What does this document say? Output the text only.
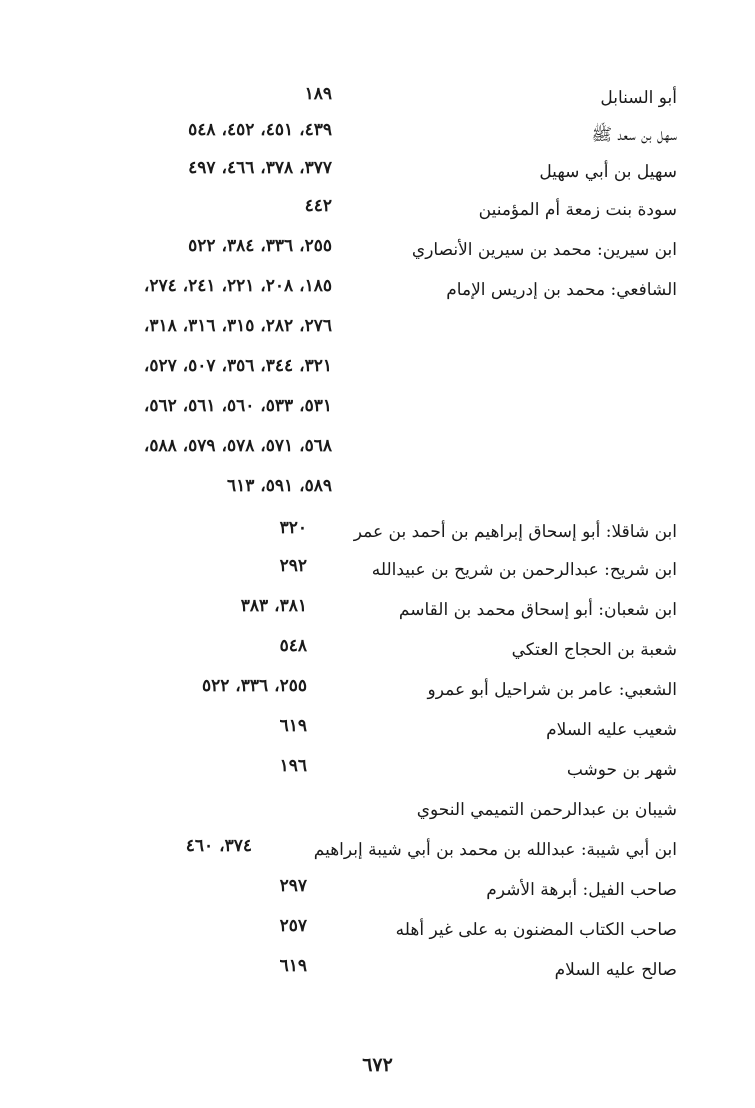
أبو السنابل
١٨٩
سهل بن سعد ﷺ
٤٣٩، ٤٥١، ٤٥٢، ٥٤٨
سهيل بن أبي سهيل
٣٧٧، ٣٧٨، ٤٦٦، ٤٩٧
سودة بنت زمعة أم المؤمنين
٤٤٢
ابن سيرين: محمد بن سيرين الأنصاري
٢٥٥، ٣٣٦، ٣٨٤، ٥٢٢
الشافعي: محمد بن إدريس الإمام
١٨٥، ٢٠٨، ٢٢١، ٢٤١، ٢٧٤،
٢٧٦، ٢٨٢، ٣١٥، ٣١٦، ٣١٨،
٣٢١، ٣٤٤، ٣٥٦، ٥٠٧، ٥٢٧،
٥٣١، ٥٣٣، ٥٦٠، ٥٦١، ٥٦٢،
٥٦٨، ٥٧١، ٥٧٨، ٥٧٩، ٥٨٨،
٥٨٩، ٥٩١، ٦١٣
ابن شاقلا: أبو إسحاق إبراهيم بن أحمد بن عمر
٣٢٠
ابن شريح: عبدالرحمن بن شريح بن عبيدالله
٢٩٢
ابن شعبان: أبو إسحاق محمد بن القاسم
٣٨١، ٣٨٣
شعبة بن الحجاج العتكي
٥٤٨
الشعبي: عامر بن شراحيل أبو عمرو
٢٥٥، ٣٣٦، ٥٢٢
شعيب عليه السلام
٦١٩
شهر بن حوشب
١٩٦
شيبان بن عبدالرحمن التميمي النحوي
ابن أبي شيبة: عبدالله بن محمد بن أبي شيبة إبراهيم
٣٧٤، ٤٦٠
صاحب الفيل: أبرهة الأشرم
٢٩٧
صاحب الكتاب المضنون به على غير أهله
٢٥٧
صالح عليه السلام
٦١٩
٦٧٢
